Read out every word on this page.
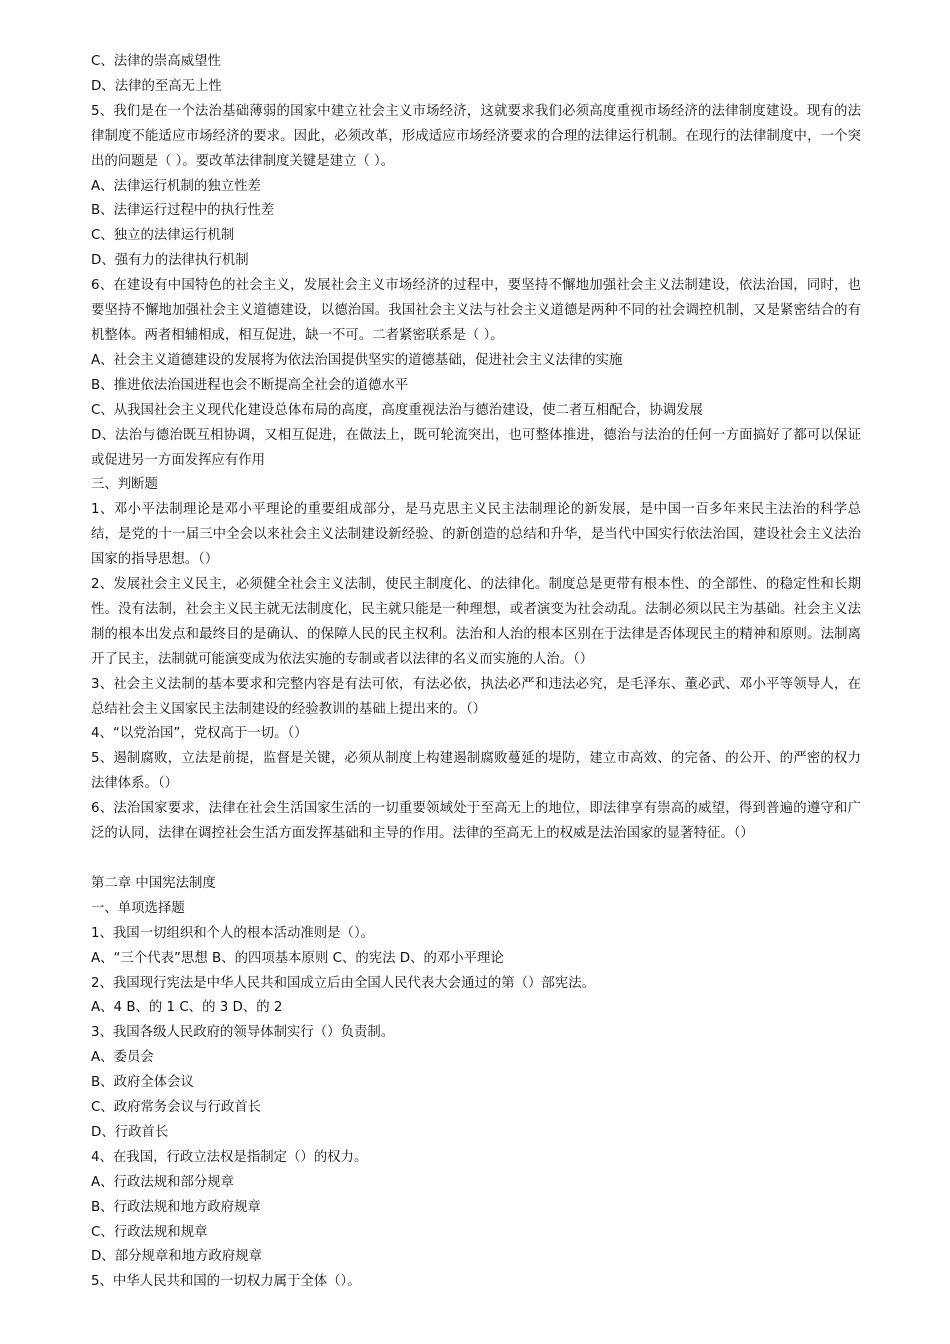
C、法律的崇高威望性
D、法律的至高无上性
5、我们是在一个法治基础薄弱的国家中建立社会主义市场经济，这就要求我们必须高度重视市场经济的法律制度建设。现有的法律制度不能适应市场经济的要求。因此，必须改革，形成适应市场经济要求的合理的法律运行机制。在现行的法律制度中，一个突出的问题是（ ）。要改革法律制度关键是建立（ ）。
A、法律运行机制的独立性差
B、法律运行过程中的执行性差
C、独立的法律运行机制
D、强有力的法律执行机制
6、在建设有中国特色的社会主义，发展社会主义市场经济的过程中，要坚持不懈地加强社会主义法制建设，依法治国，同时，也要坚持不懈地加强社会主义道德建设，以德治国。我国社会主义法与社会主义道德是两种不同的社会调控机制，又是紧密结合的有机整体。两者相辅相成，相互促进，缺一不可。二者紧密联系是（ ）。
A、社会主义道德建设的发展将为依法治国提供坚实的道德基础，促进社会主义法律的实施
B、推进依法治国进程也会不断提高全社会的道德水平
C、从我国社会主义现代化建设总体布局的高度，高度重视法治与德治建设，使二者互相配合，协调发展
D、法治与德治既互相协调，又相互促进，在做法上，既可轮流突出，也可整体推进，德治与法治的任何一方面搞好了都可以保证或促进另一方面发挥应有作用
三、判断题
1、邓小平法制理论是邓小平理论的重要组成部分，是马克思主义民主法制理论的新发展，是中国一百多年来民主法治的科学总结，是党的十一届三中全会以来社会主义法制建设新经验、的新创造的总结和升华，是当代中国实行依法治国，建设社会主义法治国家的指导思想。（）
2、发展社会主义民主，必须健全社会主义法制，使民主制度化、的法律化。制度总是更带有根本性、的全部性、的稳定性和长期性。没有法制，社会主义民主就无法制度化，民主就只能是一种理想，或者演变为社会动乱。法制必须以民主为基础。社会主义法制的根本出发点和最终目的是确认、的保障人民的民主权利。法治和人治的根本区别在于法律是否体现民主的精神和原则。法制离开了民主，法制就可能演变成为依法实施的专制或者以法律的名义而实施的人治。（）
3、社会主义法制的基本要求和完整内容是有法可依，有法必依，执法必严和违法必究，是毛泽东、董必武、邓小平等领导人，在总结社会主义国家民主法制建设的经验教训的基础上提出来的。（）
4、“以党治国”，党权高于一切。（）
5、遏制腐败，立法是前提，监督是关键，必须从制度上构建遏制腐败蔓延的堤防，建立市高效、的完备、的公开、的严密的权力法律体系。（）
6、法治国家要求，法律在社会生活国家生活的一切重要领域处于至高无上的地位，即法律享有崇高的威望，得到普遍的遵守和广泛的认同，法律在调控社会生活方面发挥基础和主导的作用。法律的至高无上的权威是法治国家的显著特征。（）
第二章 中国宪法制度
一、单项选择题
1、我国一切组织和个人的根本活动准则是（）。
A、“三个代表”思想 B、的四项基本原则 C、的宪法 D、的邓小平理论
2、我国现行宪法是中华人民共和国成立后由全国人民代表大会通过的第（）部宪法。
A、4 B、的 1 C、的 3 D、的 2
3、我国各级人民政府的领导体制实行（）负责制。
A、委员会
B、政府全体会议
C、政府常务会议与行政首长
D、行政首长
4、在我国，行政立法权是指制定（）的权力。
A、行政法规和部分规章
B、行政法规和地方政府规章
C、行政法规和规章
D、部分规章和地方政府规章
5、中华人民共和国的一切权力属于全体（）。
